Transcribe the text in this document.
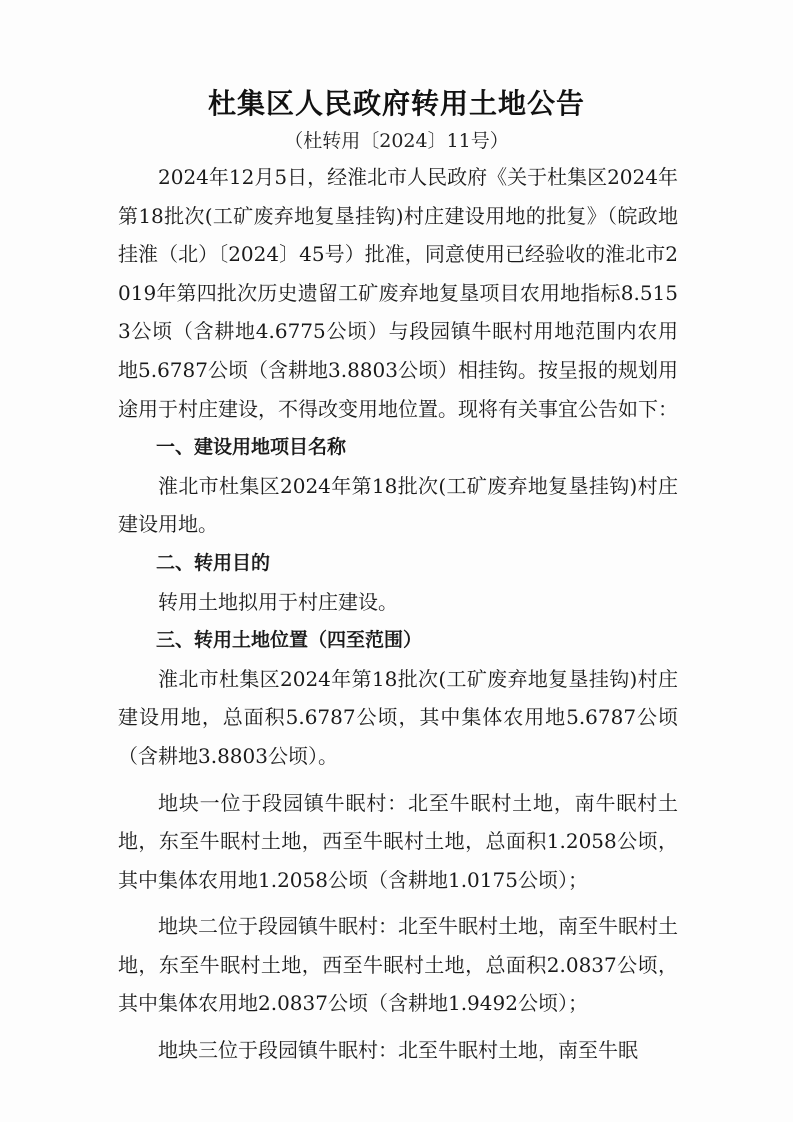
杜集区人民政府转用土地公告
（杜转用〔2024〕11号）

2024年12月5日，经淮北市人民政府《关于杜集区2024年第18批次(工矿废弃地复垦挂钩)村庄建设用地的批复》（皖政地挂淮（北）〔2024〕45号）批准，同意使用已经验收的淮北市2019年第四批次历史遗留工矿废弃地复垦项目农用地指标8.5153公顷（含耕地4.6775公顷）与段园镇牛眠村用地范围内农用地5.6787公顷（含耕地3.8803公顷）相挂钩。按呈报的规划用途用于村庄建设，不得改变用地位置。现将有关事宜公告如下：

一、建设用地项目名称

淮北市杜集区2024年第18批次(工矿废弃地复垦挂钩)村庄建设用地。

二、转用目的

转用土地拟用于村庄建设。

三、转用土地位置（四至范围）

淮北市杜集区2024年第18批次(工矿废弃地复垦挂钩)村庄建设用地，总面积5.6787公顷，其中集体农用地5.6787公顷（含耕地3.8803公顷）。

地块一位于段园镇牛眠村：北至牛眠村土地，南牛眠村土地，东至牛眠村土地，西至牛眠村土地，总面积1.2058公顷，其中集体农用地1.2058公顷（含耕地1.0175公顷）；

地块二位于段园镇牛眠村：北至牛眠村土地，南至牛眠村土地，东至牛眠村土地，西至牛眠村土地，总面积2.0837公顷，其中集体农用地2.0837公顷（含耕地1.9492公顷）；

地块三位于段园镇牛眠村：北至牛眠村土地，南至牛眠
